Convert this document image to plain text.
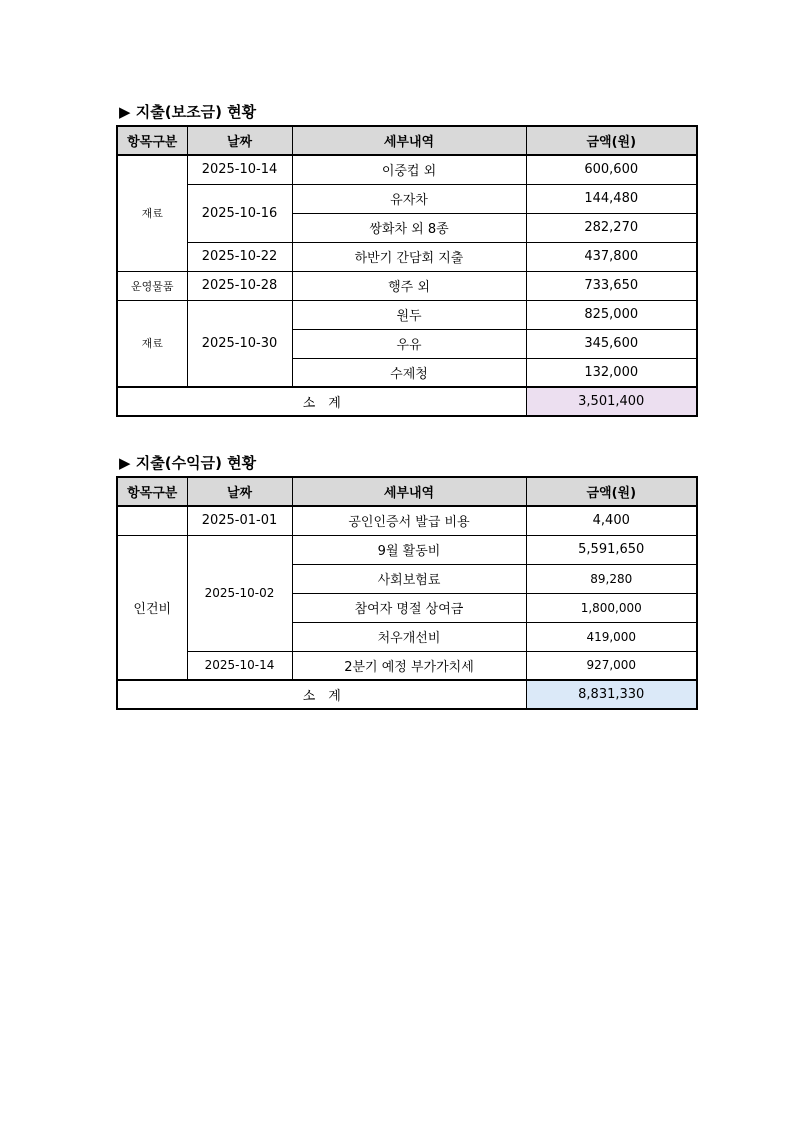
▶ 지출(보조금) 현황
항목구분	날짜	세부내역	금액(원)
재료	2025-10-14	이중컵 외	600,600
	2025-10-16	유자차	144,480
		쌍화차 외 8종	282,270
	2025-10-22	하반기 간담회 지출	437,800
운영물품	2025-10-28	행주 외	733,650
재료	2025-10-30	원두	825,000
		우유	345,600
		수제청	132,000
소　계			3,501,400
▶ 지출(수익금) 현황
항목구분	날짜	세부내역	금액(원)
	2025-01-01	공인인증서 발급 비용	4,400
인건비	2025-10-02	9월 활동비	5,591,650
		사회보험료	89,280
		참여자 명절 상여금	1,800,000
		처우개선비	419,000
	2025-10-14	2분기 예정 부가가치세	927,000
소　계			8,831,330
